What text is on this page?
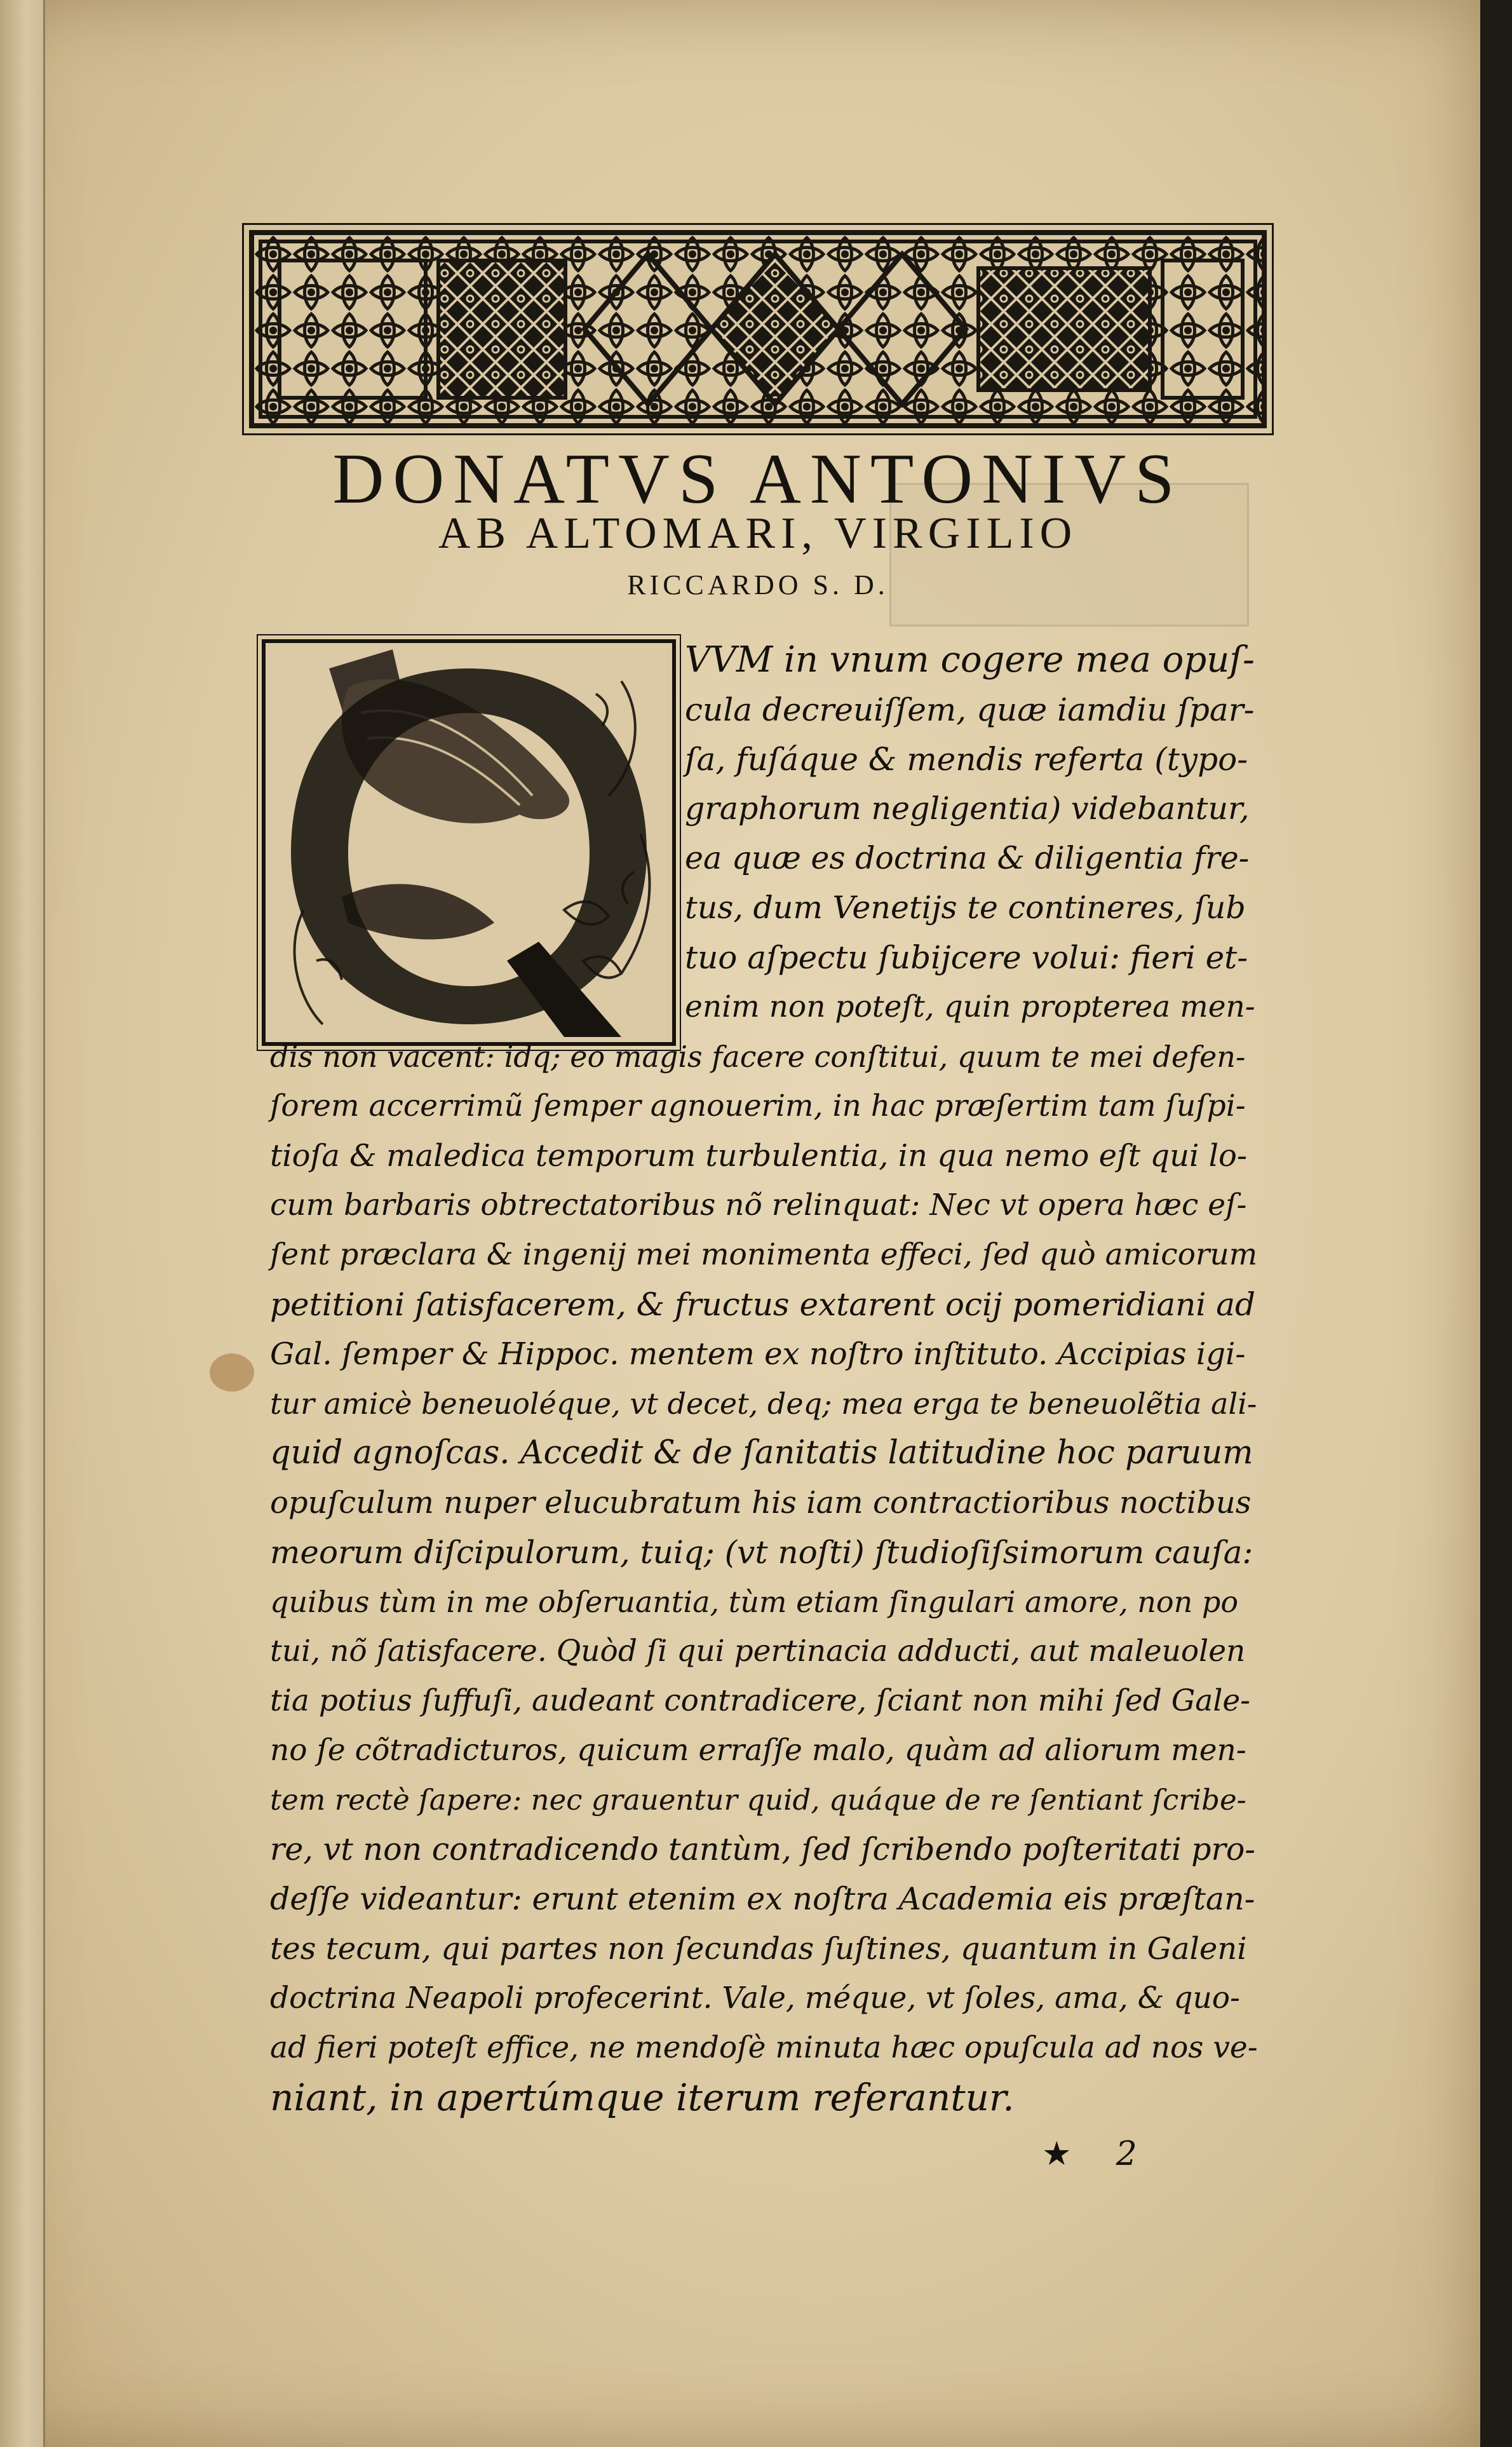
DONATVS ANTONIVS
AB ALTOMARI, VIRGILIO
RICCARDO S. D.

VVM in vnum cogere mea opuſ-

cula decreuiſſem, quæ iamdiu ſpar-

ſa, fuſáque & mendis referta (typo-

graphorum negligentia) videbantur,

ea quæ es doctrina & diligentia fre-

tus, dum Venetijs te contineres, ſub

tuo aſpectu ſubijcere volui: fieri et-

enim non poteſt, quin propterea men-

dis non vacent: idq; eo magis facere conſtitui, quum te mei defen-

ſorem accerrimũ ſemper agnouerim, in hac præſertim tam ſuſpi-

tioſa & maledica temporum turbulentia, in qua nemo eſt qui lo-

cum barbaris obtrectatoribus nõ relinquat: Nec vt opera hæc eſ-

ſent præclara & ingenij mei monimenta effeci, ſed quò amicorum

petitioni ſatisfacerem, & fructus extarent ocij pomeridiani ad

Gal. ſemper & Hippoc. mentem ex noſtro inſtituto. Accipias igi-

tur amicè beneuoléque, vt decet, deq; mea erga te beneuolẽtia ali-

quid agnoſcas. Accedit & de ſanitatis latitudine hoc paruum

opuſculum nuper elucubratum his iam contractioribus noctibus

meorum diſcipulorum, tuiq; (vt noſti) ſtudioſiſsimorum cauſa:

quibus tùm in me obſeruantia, tùm etiam ſingulari amore, non po

tui, nõ ſatisfacere. Quòd ſi qui pertinacia adducti, aut maleuolen

tia potius ſuffuſi, audeant contradicere, ſciant non mihi ſed Gale-

no ſe cõtradicturos, quicum erraſſe malo, quàm ad aliorum men-

tem rectè ſapere: nec grauentur quid, quáque de re ſentiant ſcribe-

re, vt non contradicendo tantùm, ſed ſcribendo poſteritati pro-

deſſe videantur: erunt etenim ex noſtra Academia eis præſtan-

tes tecum, qui partes non ſecundas ſuſtines, quantum in Galeni

doctrina Neapoli profecerint. Vale, méque, vt ſoles, ama, & quo-

ad fieri poteſt effice, ne mendoſè minuta hæc opuſcula ad nos ve-

niant, in apertúmque iterum referantur.

★ 2
